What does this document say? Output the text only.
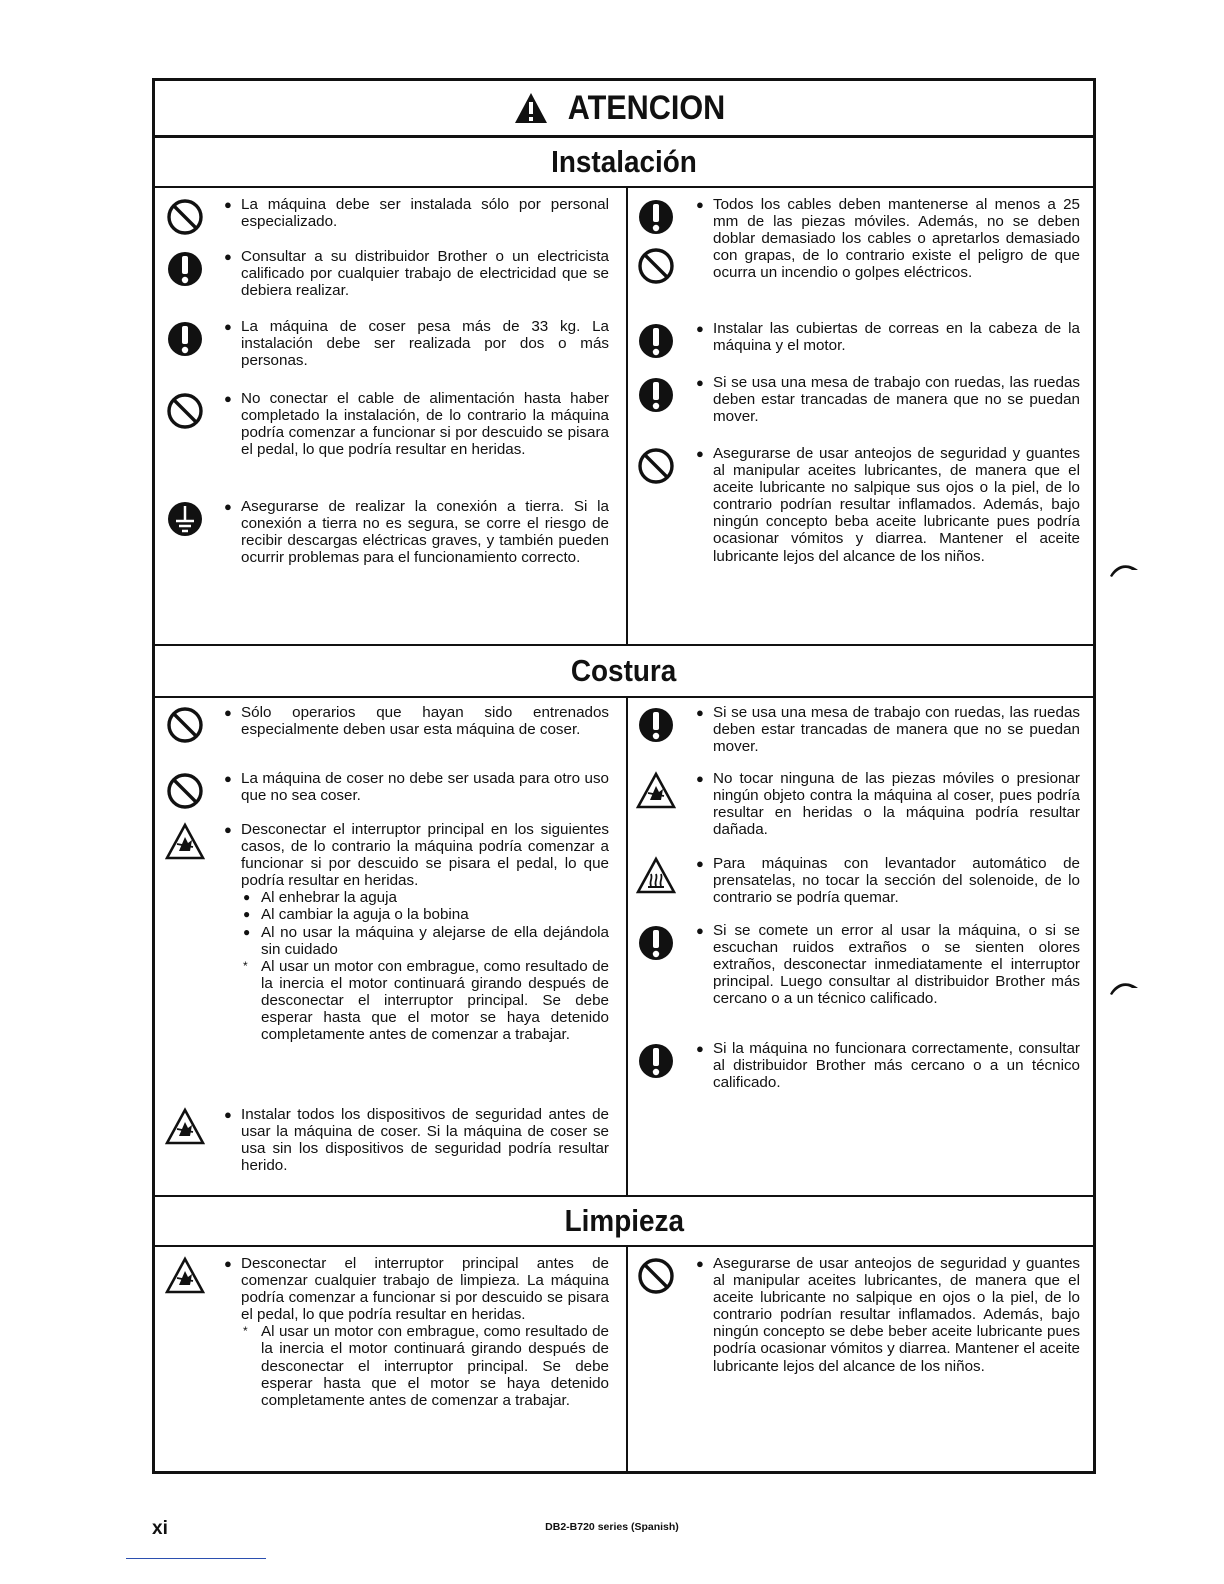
ATENCION
Instalación
Costura
Limpieza

● La máquina debe ser instalada sólo por personal especializado.

● Consultar a su distribuidor Brother o un electricista calificado por cualquier trabajo de electricidad que se debiera realizar.

● La máquina de coser pesa más de 33 kg. La instalación debe ser realizada por dos o más personas.

● No conectar el cable de alimentación hasta haber completado la instalación, de lo contrario la máquina podría comenzar a funcionar si por descuido se pisara el pedal, lo que podría resultar en heridas.

● Asegurarse de realizar la conexión a tierra. Si la conexión a tierra no es segura, se corre el riesgo de recibir descargas eléctricas graves, y también pueden ocurrir problemas para el funcionamiento correcto.

● Todos los cables deben mantenerse al menos a 25 mm de las piezas móviles. Además, no se deben doblar demasiado los cables o apretarlos demasiado con grapas, de lo contrario existe el peligro de que ocurra un incendio o golpes eléctricos.

● Instalar las cubiertas de correas en la cabeza de la máquina y el motor.

● Si se usa una mesa de trabajo con ruedas, las ruedas deben estar trancadas de manera que no se puedan mover.

● Asegurarse de usar anteojos de seguridad y guantes al manipular aceites lubricantes, de manera que el aceite lubricante no salpique sus ojos o la piel, de lo contrario podrían resultar inflamados. Además, bajo ningún concepto beba aceite lubricante pues podría ocasionar vómitos y diarrea. Mantener el aceite lubricante lejos del alcance de los niños.

● Sólo operarios que hayan sido entrenados especialmente deben usar esta máquina de coser.

● La máquina de coser no debe ser usada para otro uso que no sea coser.

● Desconectar el interruptor principal en los siguientes casos, de lo contrario la máquina podría comenzar a funcionar si por descuido se pisara el pedal, lo que podría resultar en heridas.

● Al enhebrar la aguja

● Al cambiar la aguja o la bobina

● Al no usar la máquina y alejarse de ella dejándola sin cuidado

* Al usar un motor con embrague, como resultado de la inercia el motor continuará girando después de desconectar el interruptor principal. Se debe esperar hasta que el motor se haya detenido completamente antes de comenzar a trabajar.

● Instalar todos los dispositivos de seguridad antes de usar la máquina de coser. Si la máquina de coser se usa sin los dispositivos de seguridad podría resultar herido.

● Si se usa una mesa de trabajo con ruedas, las ruedas deben estar trancadas de manera que no se puedan mover.

● No tocar ninguna de las piezas móviles o presionar ningún objeto contra la máquina al coser, pues podría resultar en heridas o la máquina podría resultar dañada.

● Para máquinas con levantador automático de prensatelas, no tocar la sección del solenoide, de lo contrario se podría quemar.

● Si se comete un error al usar la máquina, o si se escuchan ruidos extraños o se sienten olores extraños, desconectar inmediatamente el interruptor principal. Luego consultar al distribuidor Brother más cercano o a un técnico calificado.

● Si la máquina no funcionara correctamente, consultar al distribuidor Brother más cercano o a un técnico calificado.

● Desconectar el interruptor principal antes de comenzar cualquier trabajo de limpieza. La máquina podría comenzar a funcionar si por descuido se pisara el pedal, lo que podría resultar en heridas.

* Al usar un motor con embrague, como resultado de la inercia el motor continuará girando después de desconectar el interruptor principal. Se debe esperar hasta que el motor se haya detenido completamente antes de comenzar a trabajar.

● Asegurarse de usar anteojos de seguridad y guantes al manipular aceites lubricantes, de manera que el aceite lubricante no salpique en ojos o la piel, de lo contrario podrían resultar inflamados. Además, bajo ningún concepto se debe beber aceite lubricante pues podría ocasionar vómitos y diarrea. Mantener el aceite lubricante lejos del alcance de los niños.

xi	DB2-B720 series (Spanish)
